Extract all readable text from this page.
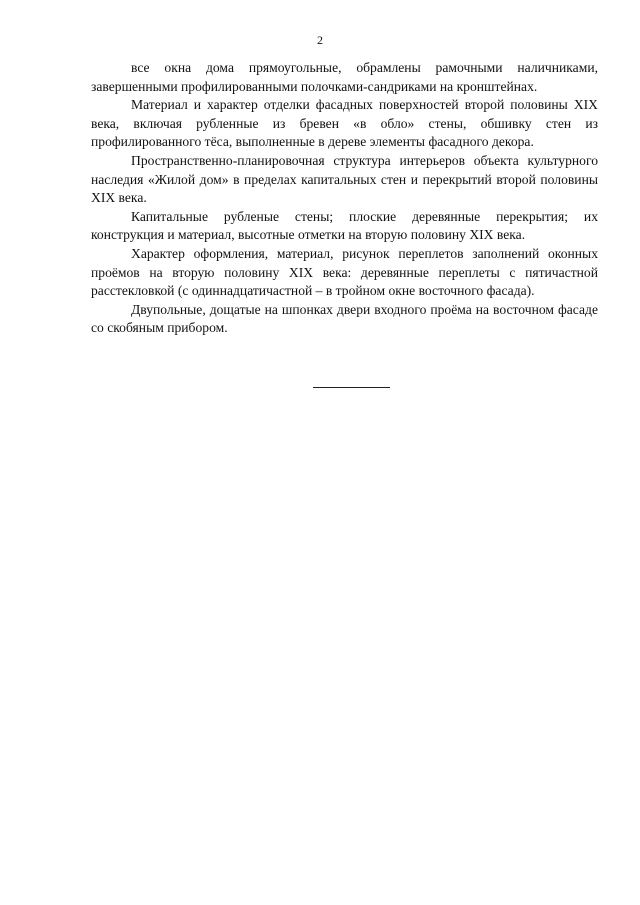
2

все окна дома прямоугольные, обрамлены рамочными наличниками, завершенными профилированными полочками-сандриками на кронштейнах.

Материал и характер отделки фасадных поверхностей второй половины XIX века, включая рубленные из бревен «в обло» стены, обшивку стен из профилированного тёса, выполненные в дереве элементы фасадного декора.

Пространственно-планировочная структура интерьеров объекта культурного наследия «Жилой дом» в пределах капитальных стен и перекрытий второй половины XIX века.

Капитальные рубленые стены; плоские деревянные перекрытия; их конструкция и материал, высотные отметки на вторую половину XIX века.

Характер оформления, материал, рисунок переплетов заполнений оконных проёмов на вторую половину XIX века: деревянные переплеты с пятичастной расстекловкой (с одиннадцатичастной – в тройном окне восточного фасада).

Двупольные, дощатые на шпонках двери входного проёма на восточном фасаде со скобяным прибором.
